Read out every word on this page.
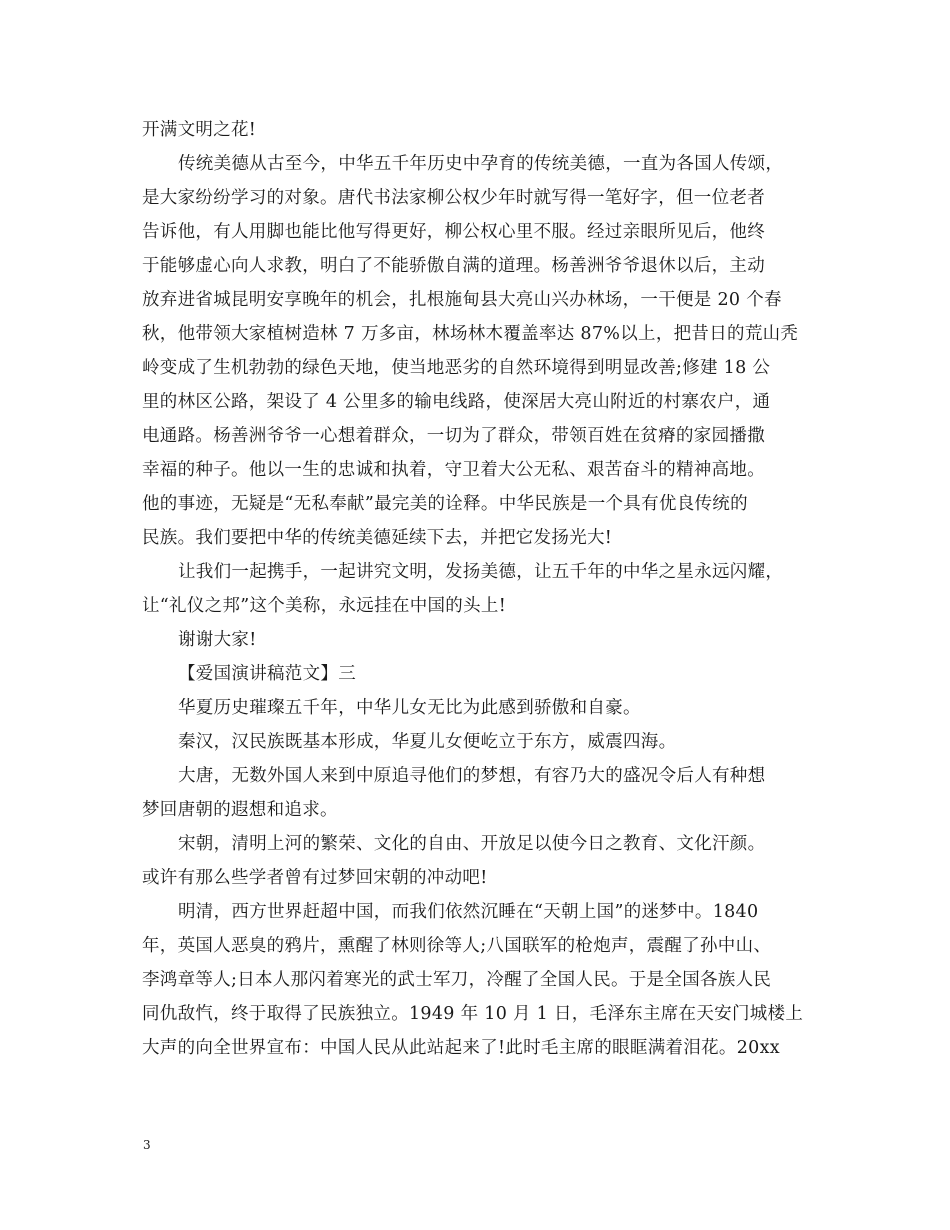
开满文明之花!
传统美德从古至今，中华五千年历史中孕育的传统美德，一直为各国人传颂，
是大家纷纷学习的对象。唐代书法家柳公权少年时就写得一笔好字，但一位老者
告诉他，有人用脚也能比他写得更好，柳公权心里不服。经过亲眼所见后，他终
于能够虚心向人求教，明白了不能骄傲自满的道理。杨善洲爷爷退休以后，主动
放弃进省城昆明安享晚年的机会，扎根施甸县大亮山兴办林场，一干便是 20 个春
秋，他带领大家植树造林 7 万多亩，林场林木覆盖率达 87%以上，把昔日的荒山秃
岭变成了生机勃勃的绿色天地，使当地恶劣的自然环境得到明显改善;修建 18 公
里的林区公路，架设了 4 公里多的输电线路，使深居大亮山附近的村寨农户，通
电通路。杨善洲爷爷一心想着群众，一切为了群众，带领百姓在贫瘠的家园播撒
幸福的种子。他以一生的忠诚和执着，守卫着大公无私、艰苦奋斗的精神高地。
他的事迹，无疑是“无私奉献”最完美的诠释。中华民族是一个具有优良传统的
民族。我们要把中华的传统美德延续下去，并把它发扬光大!
让我们一起携手，一起讲究文明，发扬美德，让五千年的中华之星永远闪耀，
让“礼仪之邦”这个美称，永远挂在中国的头上!
谢谢大家!
【爱国演讲稿范文】三
华夏历史璀璨五千年，中华儿女无比为此感到骄傲和自豪。
秦汉，汉民族既基本形成，华夏儿女便屹立于东方，威震四海。
大唐，无数外国人来到中原追寻他们的梦想，有容乃大的盛况令后人有种想
梦回唐朝的遐想和追求。
宋朝，清明上河的繁荣、文化的自由、开放足以使今日之教育、文化汗颜。
或许有那么些学者曾有过梦回宋朝的冲动吧!
明清，西方世界赶超中国，而我们依然沉睡在“天朝上国”的迷梦中。1840
年，英国人恶臭的鸦片，熏醒了林则徐等人;八国联军的枪炮声，震醒了孙中山、
李鸿章等人;日本人那闪着寒光的武士军刀，冷醒了全国人民。于是全国各族人民
同仇敌忾，终于取得了民族独立。1949 年 10 月 1 日，毛泽东主席在天安门城楼上
大声的向全世界宣布：中国人民从此站起来了!此时毛主席的眼眶满着泪花。20xx
3
